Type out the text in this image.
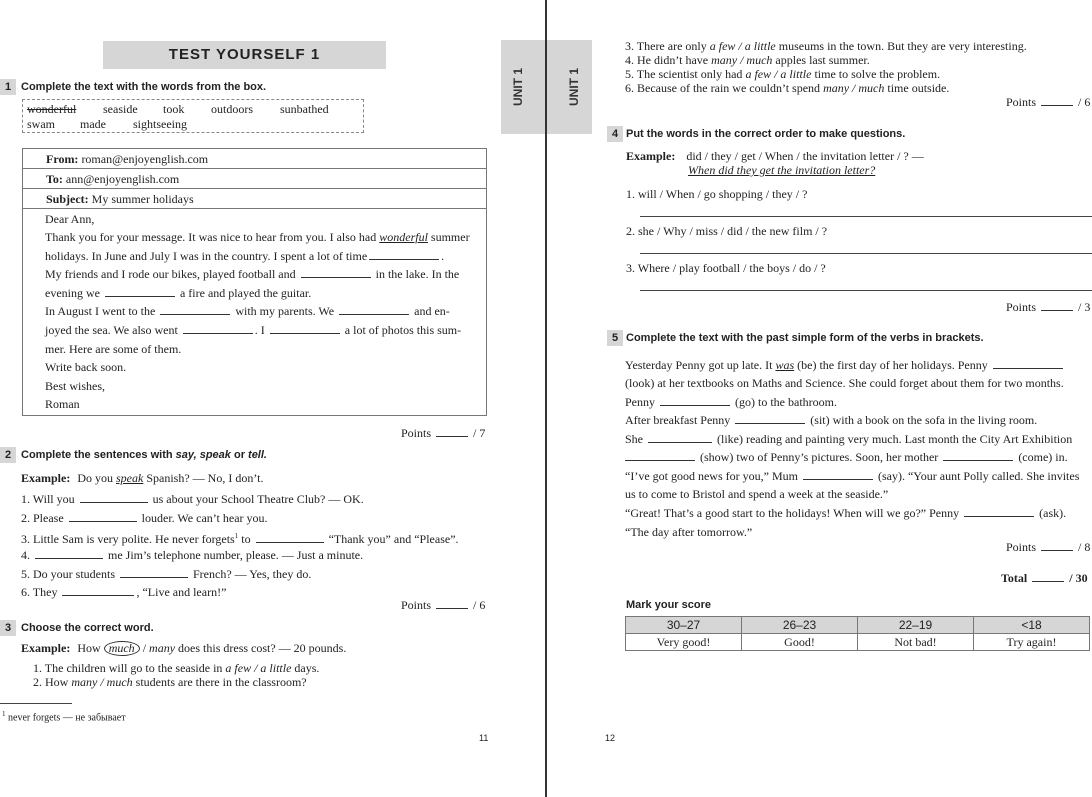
UNIT 1	UNIT 1
TEST YOURSELF 1
1 Complete the text with the words from the box.
wonderful seaside took outdoors sunbathed
swam made sightseeing
From: roman@enjoyenglish.com
To: ann@enjoyenglish.com
Subject: My summer holidays
Dear Ann,
Thank you for your message. It was nice to hear from you. I also had wonderful summer
holidays. In June and July I was in the country. I spent a lot of time	.
My friends and I rode our bikes, played football and	in the lake. In the
evening we	a fire and played the guitar.
In August I went to the	with my parents. We	and en-
joyed the sea. We also went	. I	a lot of photos this sum-
mer. Here are some of them.
Write back soon.
Best wishes,
Roman
Points	/ 7
2 Complete the sentences with say, speak or tell.
Example: Do you speak Spanish? — No, I don’t.
1. Will you	us about your School Theatre Club? — OK.
2. Please	louder. We can’t hear you.
3. Little Sam is very polite. He never forgets$^1$ to	“Thank you” and “Please”.
4.	me Jim’s telephone number, please. — Just a minute.
5. Do your students	French? — Yes, they do.
6. They	, “Live and learn!”
Points	/ 6
3 Choose the correct word.
Example: How much / many does this dress cost? — 20 pounds.
1. The children will go to the seaside in a few / a little days.
2. How many / much students are there in the classroom?
$^1$ never forgets — не забывает
11
3. There are only a few / a little museums in the town. But they are very interesting.
4. He didn’t have many / much apples last summer.
5. The scientist only had a few / a little time to solve the problem.
6. Because of the rain we couldn’t spend many / much time outside.
Points	/ 6
4 Put the words in the correct order to make questions.
Example: did / they / get / When / the invitation letter / ? —
When did they get the invitation letter?
1. will / When / go shopping / they / ?
2. she / Why / miss / did / the new film / ?
3. Where / play football / the boys / do / ?
Points	/ 3
5 Complete the text with the past simple form of the verbs in brackets.
Yesterday Penny got up late. It was (be) the first day of her holidays. Penny
(look) at her textbooks on Maths and Science. She could forget about them for two months.
Penny	(go) to the bathroom.
After breakfast Penny	(sit) with a book on the sofa in the living room.
She	(like) reading and painting very much. Last month the City Art Exhibition
(show) two of Penny’s pictures. Soon, her mother	(come) in.
“I’ve got good news for you,” Mum	(say). “Your aunt Polly called. She invites
us to come to Bristol and spend a week at the seaside.”
“Great! That’s a good start to the holidays! When will we go?” Penny	(ask).
“The day after tomorrow.”
Points	/ 8
Total	/ 30
Mark your score
30–27	26–23	22–19	<18
Very good!	Good!	Not bad!	Try again!
12
